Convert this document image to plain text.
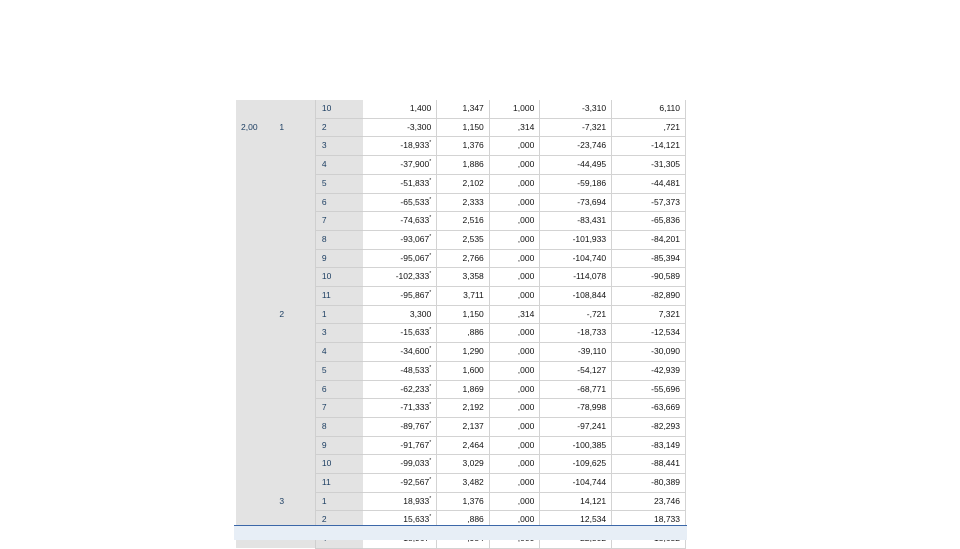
		10	1,400	1,347	1,000	-3,310	6,110
2,00	1	2	-3,300	1,150	,314	-7,321	,721
		3	-18,933*	1,376	,000	-23,746	-14,121
		4	-37,900*	1,886	,000	-44,495	-31,305
		5	-51,833*	2,102	,000	-59,186	-44,481
		6	-65,533*	2,333	,000	-73,694	-57,373
		7	-74,633*	2,516	,000	-83,431	-65,836
		8	-93,067*	2,535	,000	-101,933	-84,201
		9	-95,067*	2,766	,000	-104,740	-85,394
		10	-102,333*	3,358	,000	-114,078	-90,589
		11	-95,867*	3,711	,000	-108,844	-82,890
	2	1	3,300	1,150	,314	-,721	7,321
		3	-15,633*	,886	,000	-18,733	-12,534
		4	-34,600*	1,290	,000	-39,110	-30,090
		5	-48,533*	1,600	,000	-54,127	-42,939
		6	-62,233*	1,869	,000	-68,771	-55,696
		7	-71,333*	2,192	,000	-78,998	-63,669
		8	-89,767*	2,137	,000	-97,241	-82,293
		9	-91,767*	2,464	,000	-100,385	-83,149
		10	-99,033*	3,029	,000	-109,625	-88,441
		11	-92,567*	3,482	,000	-104,744	-80,389
	3	1	18,933*	1,376	,000	14,121	23,746
		2	15,633*	,886	,000	12,534	18,733
